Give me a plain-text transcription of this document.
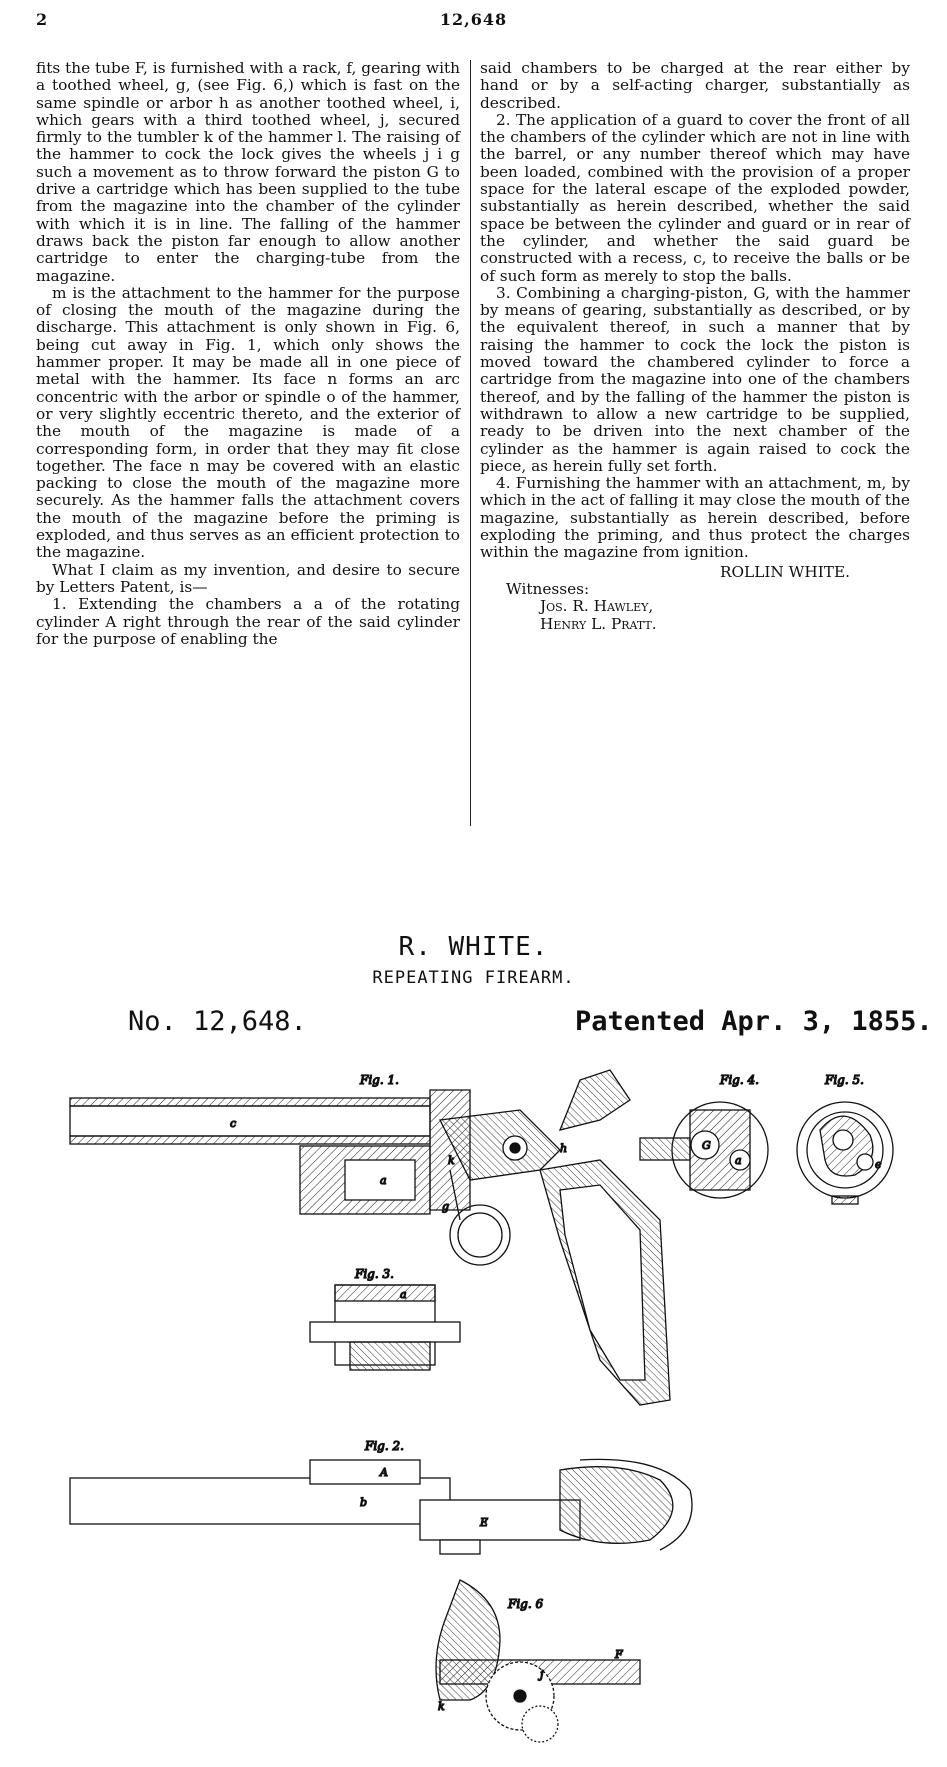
2	12,648

fits the tube F, is furnished with a rack, f, gearing with a toothed wheel, g, (see Fig. 6,) which is fast on the same spindle or arbor h as another toothed wheel, i, which gears with a third toothed wheel, j, secured firmly to the tumbler k of the hammer l. The raising of the hammer to cock the lock gives the wheels j i g such a movement as to throw forward the piston G to drive a cartridge which has been supplied to the tube from the magazine into the chamber of the cylinder with which it is in line. The falling of the hammer draws back the piston far enough to allow another cartridge to enter the charging-tube from the magazine.

m is the attachment to the hammer for the purpose of closing the mouth of the magazine during the discharge. This attachment is only shown in Fig. 6, being cut away in Fig. 1, which only shows the hammer proper. It may be made all in one piece of metal with the hammer. Its face n forms an arc concentric with the arbor or spindle o of the hammer, or very slightly eccentric thereto, and the exterior of the mouth of the magazine is made of a corresponding form, in order that they may fit close together. The face n may be covered with an elastic packing to close the mouth of the magazine more securely. As the hammer falls the attachment covers the mouth of the magazine before the priming is exploded, and thus serves as an efficient protection to the magazine.

What I claim as my invention, and desire to secure by Letters Patent, is—

1. Extending the chambers a a of the rotating cylinder A right through the rear of the said cylinder for the purpose of enabling the

said chambers to be charged at the rear either by hand or by a self-acting charger, substantially as described.

2. The application of a guard to cover the front of all the chambers of the cylinder which are not in line with the barrel, or any number thereof which may have been loaded, combined with the provision of a proper space for the lateral escape of the exploded powder, substantially as herein described, whether the said space be between the cylinder and guard or in rear of the cylinder, and whether the said guard be constructed with a recess, c, to receive the balls or be of such form as merely to stop the balls.

3. Combining a charging-piston, G, with the hammer by means of gearing, substantially as described, or by the equivalent thereof, in such a manner that by raising the hammer to cock the lock the piston is moved toward the chambered cylinder to force a cartridge from the magazine into one of the chambers thereof, and by the falling of the hammer the piston is withdrawn to allow a new cartridge to be supplied, ready to be driven into the next chamber of the cylinder as the hammer is again raised to cock the piece, as herein fully set forth.

4. Furnishing the hammer with an attachment, m, by which in the act of falling it may close the mouth of the magazine, substantially as herein described, before exploding the priming, and thus protect the charges within the magazine from ignition.

ROLLIN WHITE.
Witnesses:
Jos. R. Hawley,
Henry L. Pratt.
R. WHITE.
REPEATING FIREARM.
No. 12,648.	Patented Apr. 3, 1855.
Fig. 1.
c
a
k
g
h
Fig. 4.
G
a
Fig. 5.
e
Fig. 3.
a
Fig. 2.
A
b
E
Fig. 6
F
k
j
